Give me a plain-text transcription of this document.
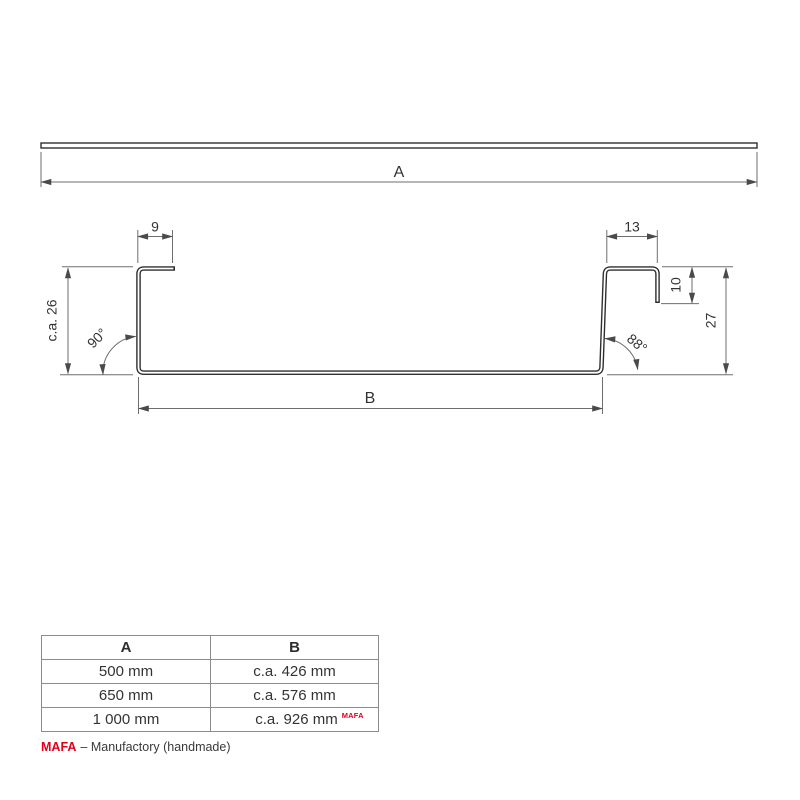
A
9
c.a. 26 90°
B
13
10
27
88°
A	B
500 mm	c.a. 426 mm
650 mm	c.a. 576 mm
1 000 mm	c.a. 926 mm $^{MAFA}$
MAFA – Manufactory (handmade)
